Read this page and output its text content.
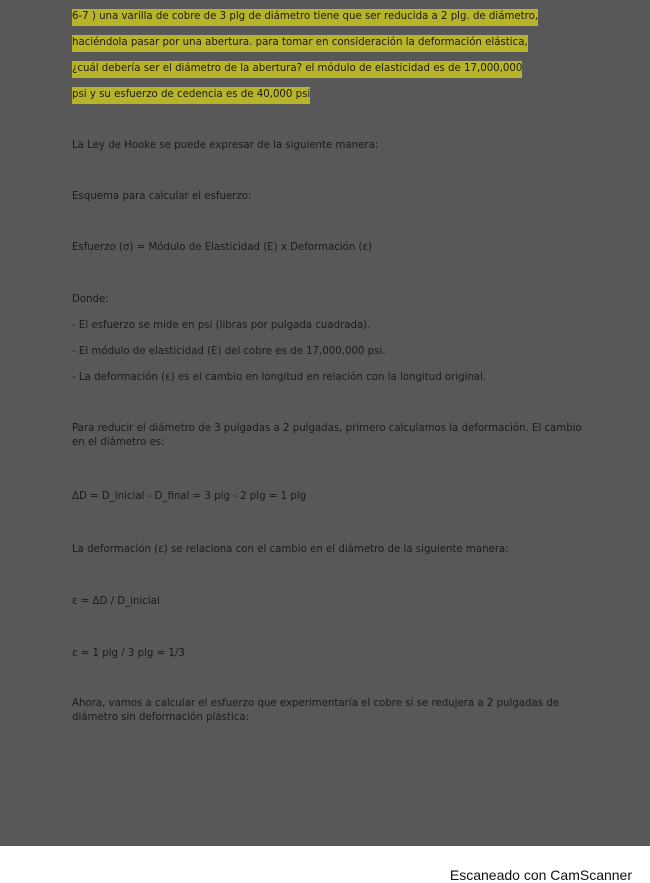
6-7 ) una varilla de cobre de 3 plg de diámetro tiene que ser reducida a 2 plg. de diámetro,
haciéndola pasar por una abertura. para tomar en consideración la deformación elástica,
¿cuál debería ser el diámetro de la abertura? el módulo de elasticidad es de 17,000,000
psi y su esfuerzo de cedencia es de 40,000 psi
La Ley de Hooke se puede expresar de la siguiente manera:
Esquema para calcular el esfuerzo:
Esfuerzo (σ) = Módulo de Elasticidad (E) x Deformación (ε)
Donde:
- El esfuerzo se mide en psi (libras por pulgada cuadrada).
- El módulo de elasticidad (E) del cobre es de 17,000,000 psi.
- La deformación (ε) es el cambio en longitud en relación con la longitud original.
Para reducir el diámetro de 3 pulgadas a 2 pulgadas, primero calculamos la deformación. El cambio en el diámetro es:
ΔD = D_inicial - D_final = 3 plg - 2 plg = 1 plg
La deformación (ε) se relaciona con el cambio en el diámetro de la siguiente manera:
ε = ΔD / D_inicial
ε = 1 plg / 3 plg = 1/3
Ahora, vamos a calcular el esfuerzo que experimentaría el cobre si se redujera a 2 pulgadas de diámetro sin deformación plástica:
Escaneado con CamScanner
